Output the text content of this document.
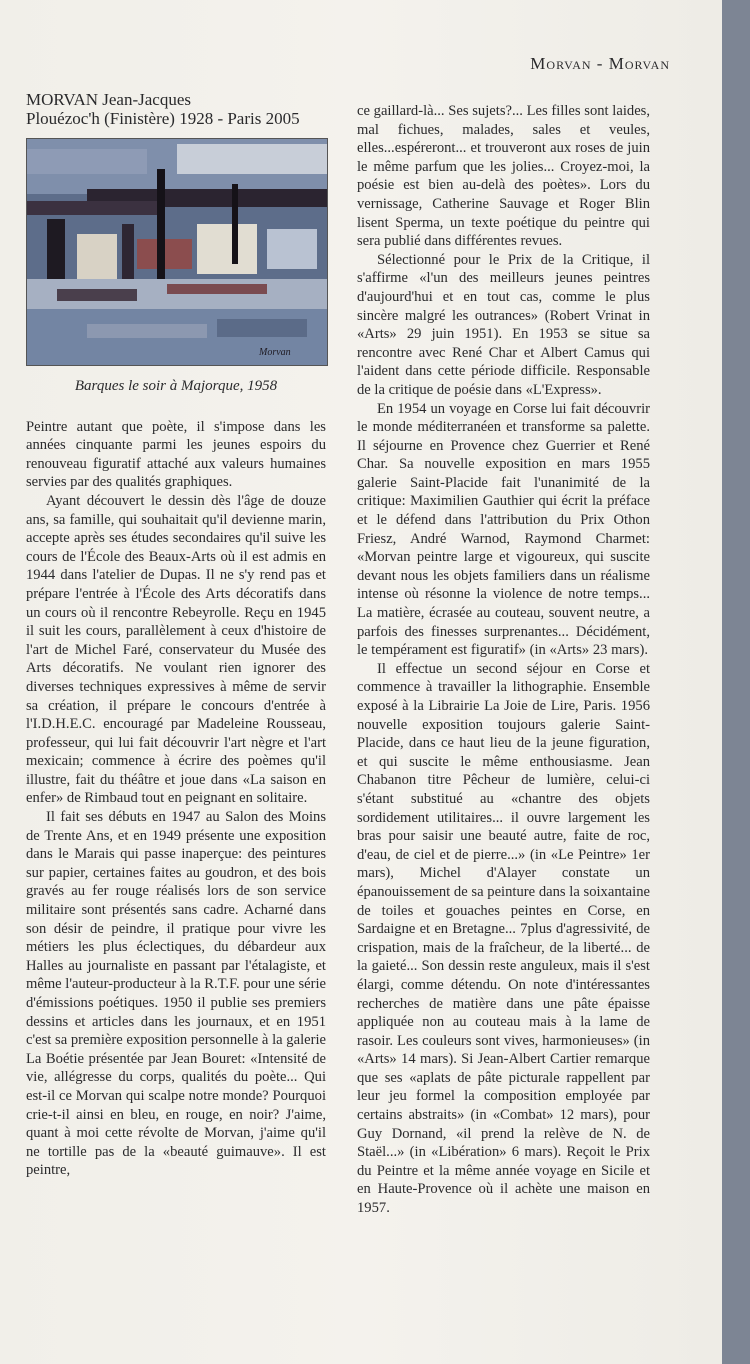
Morvan - Morvan
MORVAN Jean-Jacques
Plouézoc'h (Finistère) 1928 - Paris 2005
Morvan
Barques le soir à Majorque, 1958

Peintre autant que poète, il s'impose dans les années cinquante parmi les jeunes espoirs du renouveau figuratif attaché aux valeurs humaines servies par des qualités graphiques.

Ayant découvert le dessin dès l'âge de douze ans, sa famille, qui souhaitait qu'il devienne marin, accepte après ses études secondaires qu'il suive les cours de l'École des Beaux-Arts où il est admis en 1944 dans l'atelier de Dupas. Il ne s'y rend pas et prépare l'entrée à l'École des Arts décoratifs dans un cours où il rencontre Rebeyrolle. Reçu en 1945 il suit les cours, parallèlement à ceux d'histoire de l'art de Michel Faré, conservateur du Musée des Arts décoratifs. Ne voulant rien ignorer des diverses techniques expressives à même de servir sa création, il prépare le concours d'entrée à l'I.D.H.E.C. encouragé par Madeleine Rousseau, professeur, qui lui fait découvrir l'art nègre et l'art mexicain; commence à écrire des poèmes qu'il illustre, fait du théâtre et joue dans «La saison en enfer» de Rimbaud tout en peignant en solitaire.

Il fait ses débuts en 1947 au Salon des Moins de Trente Ans, et en 1949 présente une exposition dans le Marais qui passe inaperçue: des peintures sur papier, certaines faites au goudron, et des bois gravés au fer rouge réalisés lors de son service militaire sont présentés sans cadre. Acharné dans son désir de peindre, il pratique pour vivre les métiers les plus éclectiques, du débardeur aux Halles au journaliste en passant par l'étalagiste, et même l'auteur-producteur à la R.T.F. pour une série d'émissions poétiques. 1950 il publie ses premiers dessins et articles dans les journaux, et en 1951 c'est sa première exposition personnelle à la galerie La Boétie présentée par Jean Bouret: «Intensité de vie, allégresse du corps, qualités du poète... Qui est-il ce Morvan qui scalpe notre monde? Pourquoi crie-t-il ainsi en bleu, en rouge, en noir? J'aime, quant à moi cette révolte de Morvan, j'aime qu'il ne tortille pas de la «beauté guimauve». Il est peintre,

ce gaillard-là... Ses sujets?... Les filles sont laides, mal fichues, malades, sales et veules, elles...espéreront... et trouveront aux roses de juin le même parfum que les jolies... Croyez-moi, la poésie est bien au-delà des poètes». Lors du vernissage, Catherine Sauvage et Roger Blin lisent Sperma, un texte poétique du peintre qui sera publié dans différentes revues.

Sélectionné pour le Prix de la Critique, il s'affirme «l'un des meilleurs jeunes peintres d'aujourd'hui et en tout cas, comme le plus sincère malgré les outrances» (Robert Vrinat in «Arts» 29 juin 1951). En 1953 se situe sa rencontre avec René Char et Albert Camus qui l'aident dans cette période difficile. Responsable de la critique de poésie dans «L'Express».

En 1954 un voyage en Corse lui fait découvrir le monde méditerranéen et transforme sa palette. Il séjourne en Provence chez Guerrier et René Char. Sa nouvelle exposition en mars 1955 galerie Saint-Placide fait l'unanimité de la critique: Maximilien Gauthier qui écrit la préface et le défend dans l'attribution du Prix Othon Friesz, André Warnod, Raymond Charmet: «Morvan peintre large et vigoureux, qui suscite devant nous les objets familiers dans un réalisme intense où résonne la violence de notre temps... La matière, écrasée au couteau, souvent neutre, a parfois des finesses surprenantes... Décidément, le tempérament est figuratif» (in «Arts» 23 mars).

Il effectue un second séjour en Corse et commence à travailler la lithographie. Ensemble exposé à la Librairie La Joie de Lire, Paris. 1956 nouvelle exposition toujours galerie Saint-Placide, dans ce haut lieu de la jeune figuration, et qui suscite le même enthousiasme. Jean Chabanon titre Pêcheur de lumière, celui-ci s'étant substitué au «chantre des objets sordidement utilitaires... il ouvre largement les bras pour saisir une beauté autre, faite de roc, d'eau, de ciel et de pierre...» (in «Le Peintre» 1er mars), Michel d'Alayer constate un épanouissement de sa peinture dans la soixantaine de toiles et gouaches peintes en Corse, en Sardaigne et en Bretagne... 7plus d'agressivité, de crispation, mais de la fraîcheur, de la liberté... de la gaieté... Son dessin reste anguleux, mais il s'est élargi, comme détendu. On note d'intéressantes recherches de matière dans une pâte épaisse appliquée non au couteau mais à la lame de rasoir. Les couleurs sont vives, harmonieuses» (in «Arts» 14 mars). Si Jean-Albert Cartier remarque que ses «aplats de pâte picturale rappellent par leur jeu formel la composition employée par certains abstraits» (in «Combat» 12 mars), pour Guy Dornand, «il prend la relève de N. de Staël...» (in «Libération» 6 mars). Reçoit le Prix du Peintre et la même année voyage en Sicile et en Haute-Provence où il achète une maison en 1957.
